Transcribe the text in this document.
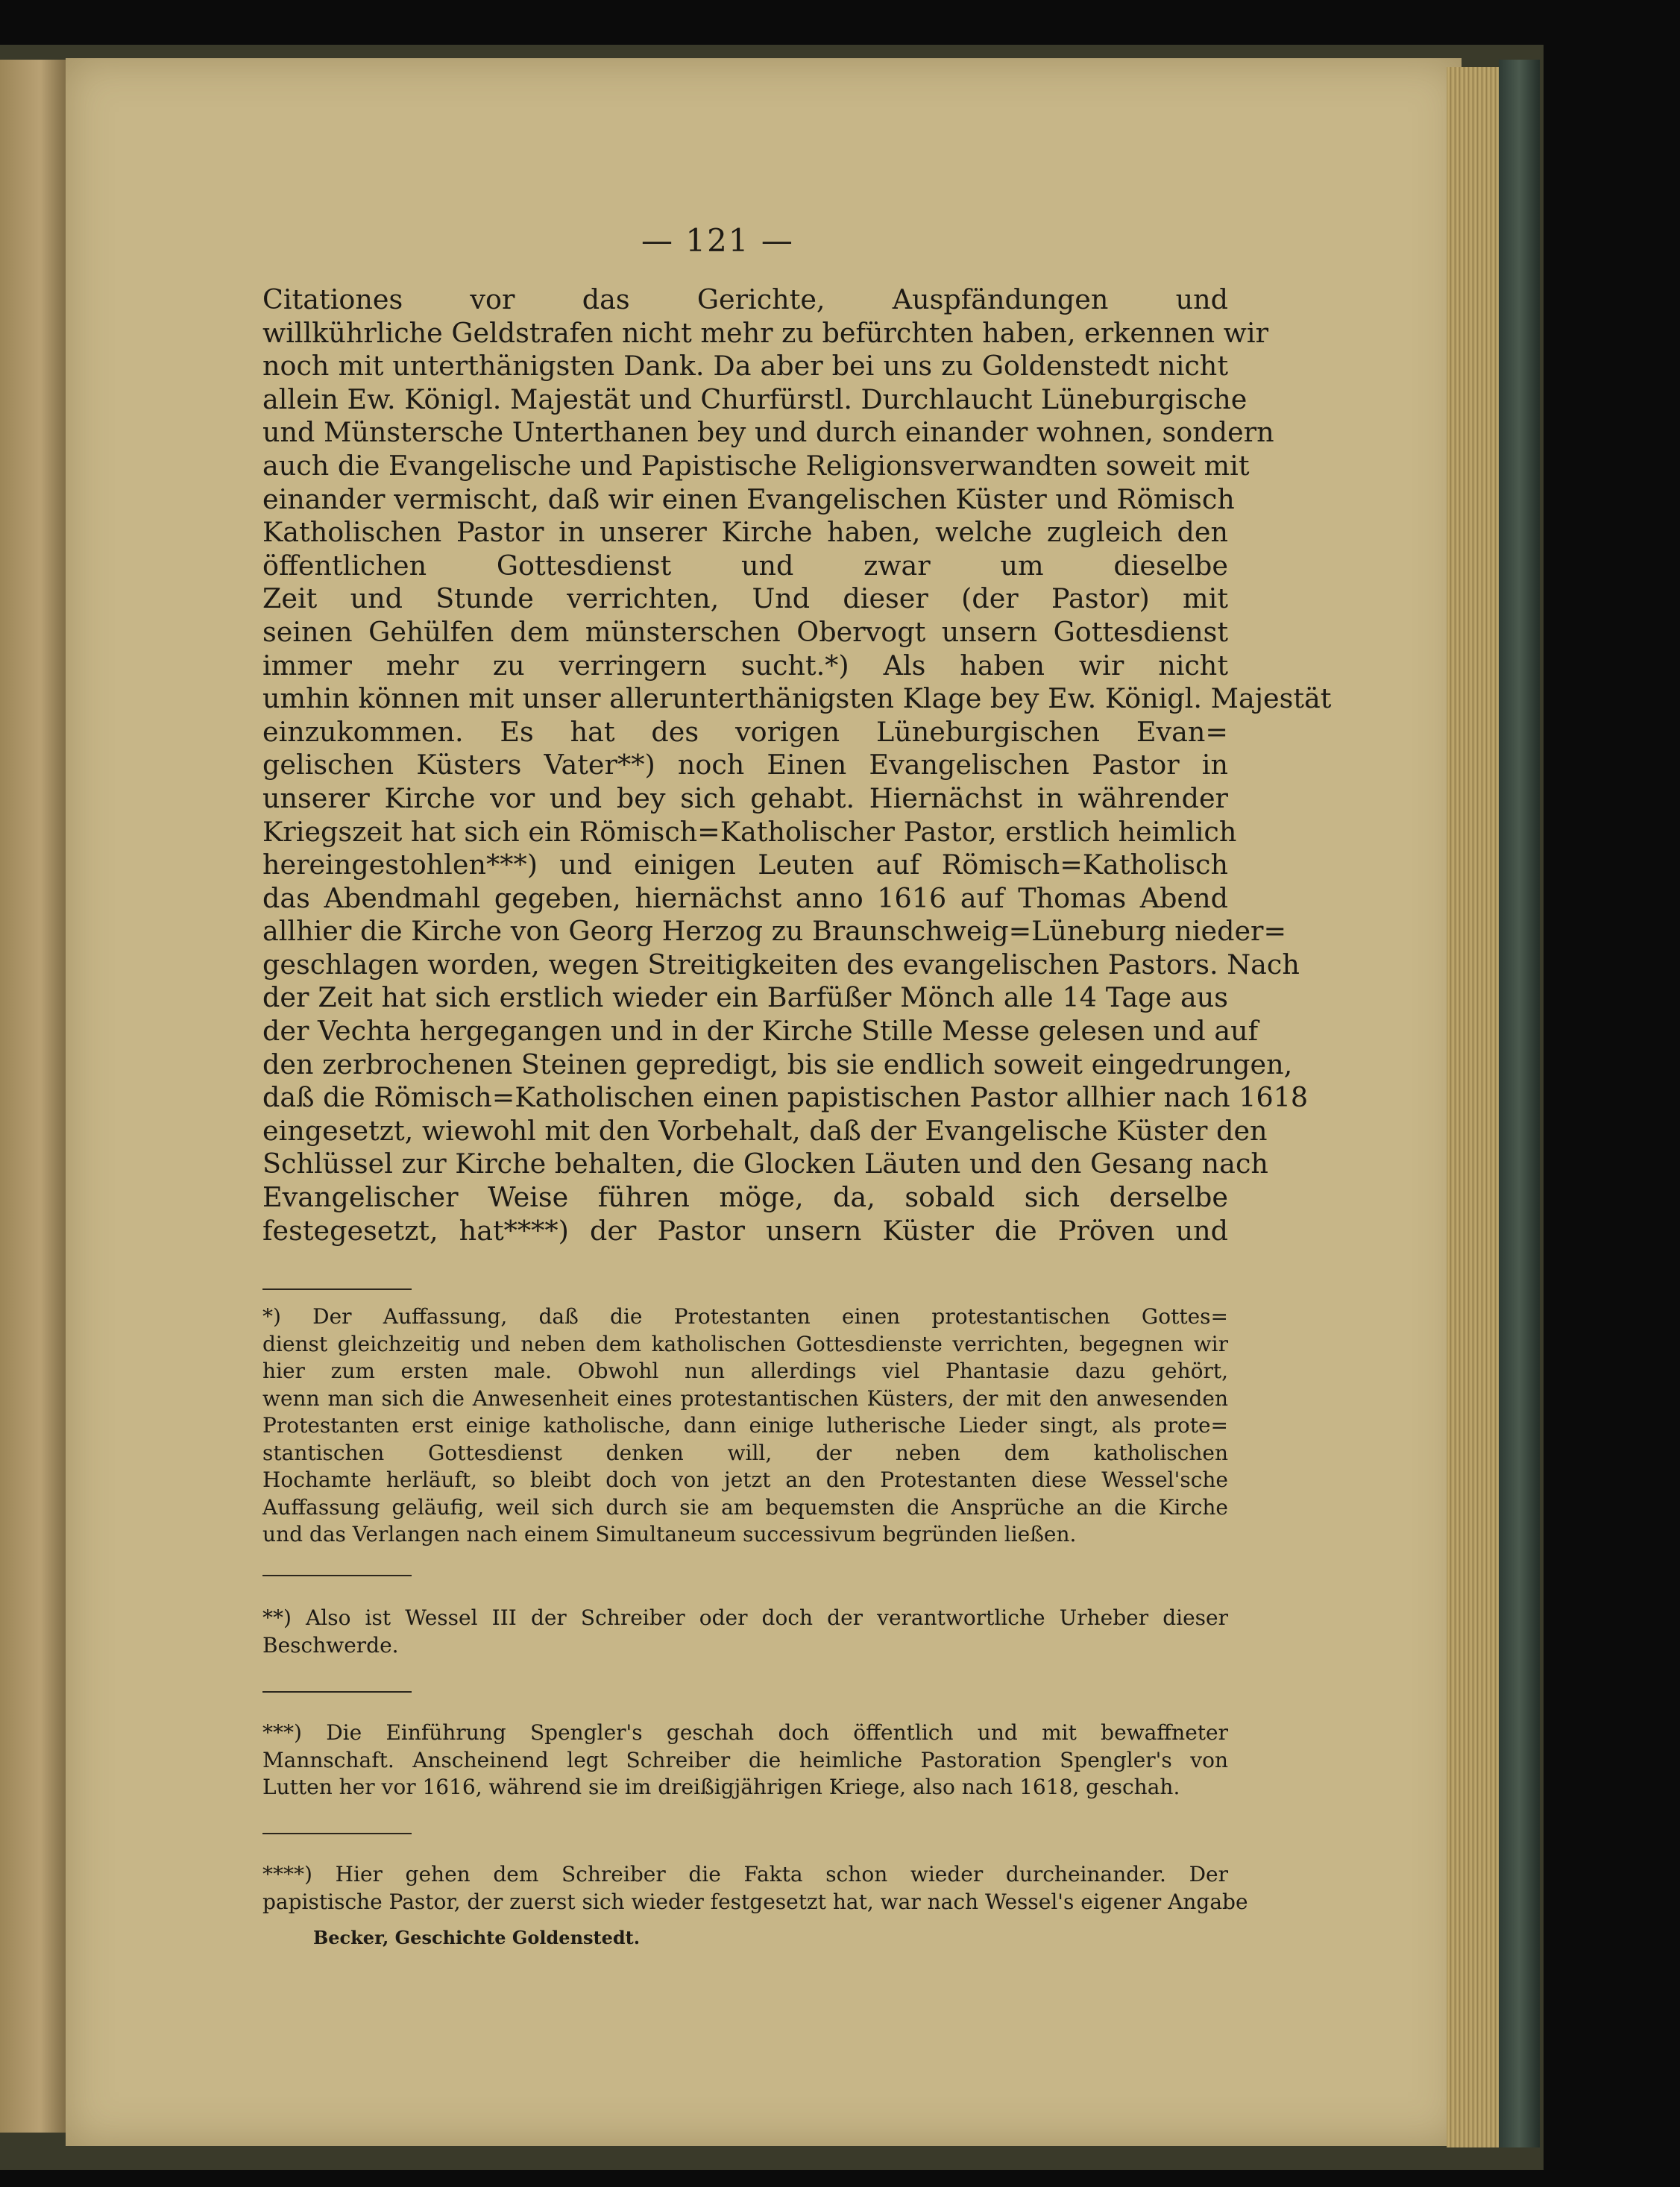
— 121 —

Citationes vor das Gerichte, Auspfändungen und

willkührliche Geldstrafen nicht mehr zu befürchten haben, erkennen wir

noch mit unterthänigsten Dank. Da aber bei uns zu Goldenstedt nicht

allein Ew. Königl. Majestät und Churfürstl. Durchlaucht Lüneburgische

und Münstersche Unterthanen bey und durch einander wohnen, sondern

auch die Evangelische und Papistische Religionsverwandten soweit mit

einander vermischt, daß wir einen Evangelischen Küster und Römisch

Katholischen Pastor in unserer Kirche haben, welche zugleich den

öffentlichen Gottesdienst und zwar um dieselbe

Zeit und Stunde verrichten, Und dieser (der Pastor) mit

seinen Gehülfen dem münsterschen Obervogt unsern Gottesdienst

immer mehr zu verringern sucht.*) Als haben wir nicht

umhin können mit unser allerunterthänigsten Klage bey Ew. Königl. Majestät

einzukommen. Es hat des vorigen Lüneburgischen Evan=

gelischen Küsters Vater**) noch Einen Evangelischen Pastor in

unserer Kirche vor und bey sich gehabt. Hiernächst in währender

Kriegszeit hat sich ein Römisch=Katholischer Pastor, erstlich heimlich

hereingestohlen***) und einigen Leuten auf Römisch=Katholisch

das Abendmahl gegeben, hiernächst anno 1616 auf Thomas Abend

allhier die Kirche von Georg Herzog zu Braunschweig=Lüneburg nieder=

geschlagen worden, wegen Streitigkeiten des evangelischen Pastors. Nach

der Zeit hat sich erstlich wieder ein Barfüßer Mönch alle 14 Tage aus

der Vechta hergegangen und in der Kirche Stille Messe gelesen und auf

den zerbrochenen Steinen gepredigt, bis sie endlich soweit eingedrungen,

daß die Römisch=Katholischen einen papistischen Pastor allhier nach 1618

eingesetzt, wiewohl mit den Vorbehalt, daß der Evangelische Küster den

Schlüssel zur Kirche behalten, die Glocken Läuten und den Gesang nach

Evangelischer Weise führen möge, da, sobald sich derselbe

festegesetzt, hat****) der Pastor unsern Küster die Pröven und

*) Der Auffassung, daß die Protestanten einen protestantischen Gottes=

dienst gleichzeitig und neben dem katholischen Gottesdienste verrichten, begegnen wir

hier zum ersten male. Obwohl nun allerdings viel Phantasie dazu gehört,

wenn man sich die Anwesenheit eines protestantischen Küsters, der mit den anwesenden

Protestanten erst einige katholische, dann einige lutherische Lieder singt, als prote=

stantischen Gottesdienst denken will, der neben dem katholischen

Hochamte herläuft, so bleibt doch von jetzt an den Protestanten diese Wessel'sche

Auffassung geläufig, weil sich durch sie am bequemsten die Ansprüche an die Kirche

und das Verlangen nach einem Simultaneum successivum begründen ließen.

**) Also ist Wessel III der Schreiber oder doch der verantwortliche Urheber dieser

Beschwerde.

***) Die Einführung Spengler's geschah doch öffentlich und mit bewaffneter

Mannschaft. Anscheinend legt Schreiber die heimliche Pastoration Spengler's von

Lutten her vor 1616, während sie im dreißigjährigen Kriege, also nach 1618, geschah.

****) Hier gehen dem Schreiber die Fakta schon wieder durcheinander. Der

papistische Pastor, der zuerst sich wieder festgesetzt hat, war nach Wessel's eigener Angabe

Becker, Geschichte Goldenstedt.
